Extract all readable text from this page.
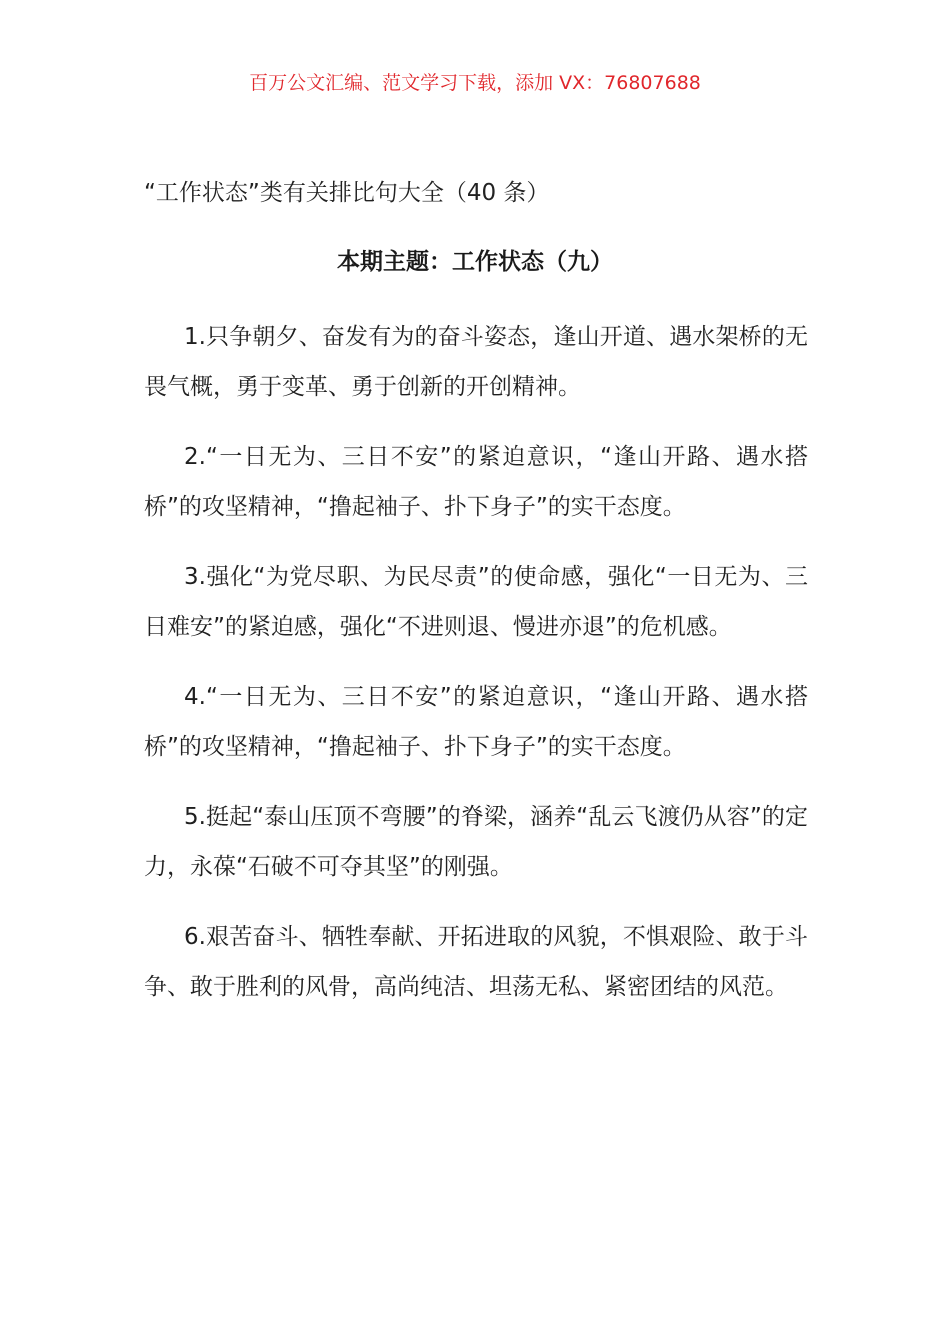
百万公文汇编、范文学习下载，添加 VX：76807688
“工作状态”类有关排比句大全（40 条）
本期主题：工作状态（九）

1.只争朝夕、奋发有为的奋斗姿态，逢山开道、遇水架桥的无畏气概，勇于变革、勇于创新的开创精神。

2.“一日无为、三日不安”的紧迫意识，“逢山开路、遇水搭桥”的攻坚精神，“撸起袖子、扑下身子”的实干态度。

3.强化“为党尽职、为民尽责”的使命感，强化“一日无为、三日难安”的紧迫感，强化“不进则退、慢进亦退”的危机感。

4.“一日无为、三日不安”的紧迫意识，“逢山开路、遇水搭桥”的攻坚精神，“撸起袖子、扑下身子”的实干态度。

5.挺起“泰山压顶不弯腰”的脊梁，涵养“乱云飞渡仍从容”的定力，永葆“石破不可夺其坚”的刚强。

6.艰苦奋斗、牺牲奉献、开拓进取的风貌，不惧艰险、敢于斗争、敢于胜利的风骨，高尚纯洁、坦荡无私、紧密团结的风范。
